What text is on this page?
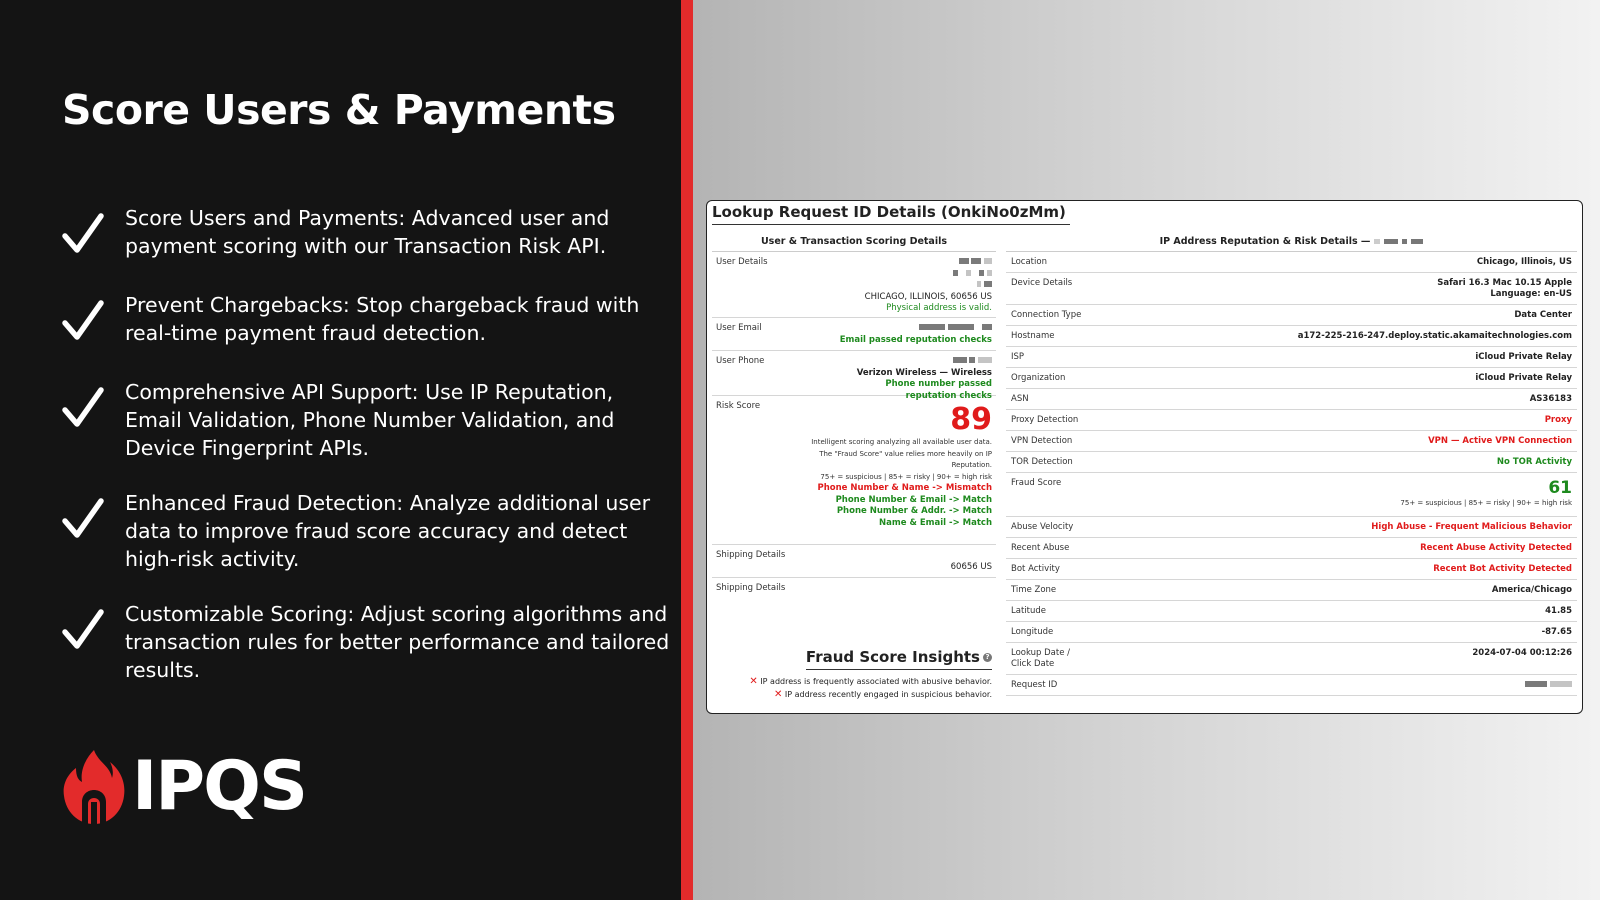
Score Users & Payments
Score Users and Payments: Advanced user and payment scoring with our Transaction Risk API.
Prevent Chargebacks: Stop chargeback fraud with real-time payment fraud detection.
Comprehensive API Support: Use IP Reputation, Email Validation, Phone Number Validation, and Device Fingerprint APIs.
Enhanced Fraud Detection: Analyze additional user data to improve fraud score accuracy and detect high-risk activity.
Customizable Scoring: Adjust scoring algorithms and transaction rules for better performance and tailored results.
IPQS
Lookup Request ID Details (OnkiNo0zMm)
User & Transaction Scoring Details
User Details

CHICAGO, ILLINOIS, 60656 US
Physical address is valid.
User Email

Email passed reputation checks
User Phone

Verizon Wireless — Wireless
Phone number passed reputation checks
Risk Score	89
Intelligent scoring analyzing all available user data.
The "Fraud Score" value relies more heavily on IP
Reputation.
75+ = suspicious | 85+ = risky | 90+ = high risk
Phone Number & Name -> Mismatch
Phone Number & Email -> Match
Phone Number & Addr. -> Match
Name & Email -> Match
Shipping Details
60656 US
Shipping Details
Fraud Score Insights ?
✕ IP address is frequently associated with abusive behavior.
✕ IP address recently engaged in suspicious behavior.
IP Address Reputation & Risk Details —
Location	Chicago, Illinois, US
Device Details	Safari 16.3 Mac 10.15 Apple
Language: en-US
Connection Type	Data Center
Hostname	a172-225-216-247.deploy.static.akamaitechnologies.com
ISP	iCloud Private Relay
Organization	iCloud Private Relay
ASN	AS36183
Proxy Detection	Proxy
VPN Detection	VPN — Active VPN Connection
TOR Detection	No TOR Activity
Fraud Score	61
75+ = suspicious | 85+ = risky | 90+ = high risk
Abuse Velocity	High Abuse - Frequent Malicious Behavior
Recent Abuse	Recent Abuse Activity Detected
Bot Activity	Recent Bot Activity Detected
Time Zone	America/Chicago
Latitude	41.85
Longitude	-87.65
Lookup Date / Click Date
2024-07-04 00:12:26
Request ID
